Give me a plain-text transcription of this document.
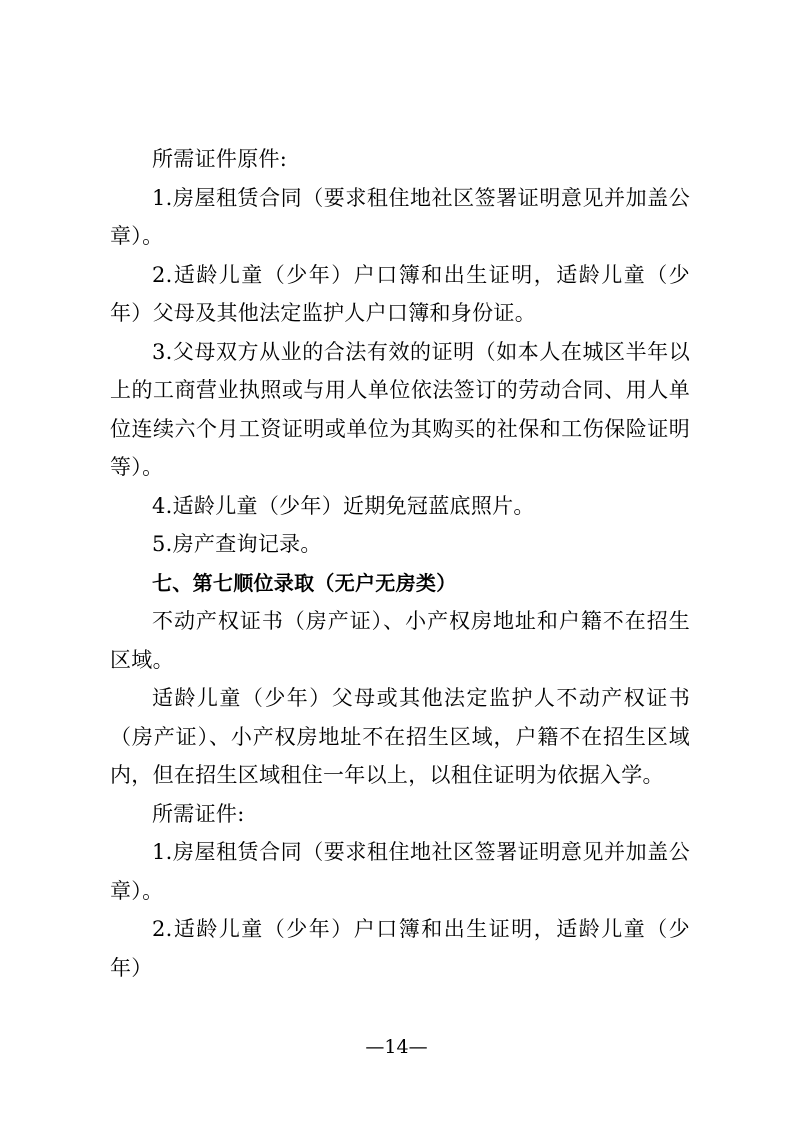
所需证件原件:

1.房屋租赁合同（要求租住地社区签署证明意见并加盖公章）。

2.适龄儿童（少年）户口簿和出生证明，适龄儿童（少年）父母及其他法定监护人户口簿和身份证。

3.父母双方从业的合法有效的证明（如本人在城区半年以上的工商营业执照或与用人单位依法签订的劳动合同、用人单位连续六个月工资证明或单位为其购买的社保和工伤保险证明等）。

4.适龄儿童（少年）近期免冠蓝底照片。

5.房产查询记录。

七、第七顺位录取（无户无房类）

不动产权证书（房产证）、小产权房地址和户籍不在招生区域。

适龄儿童（少年）父母或其他法定监护人不动产权证书（房产证）、小产权房地址不在招生区域，户籍不在招生区域内，但在招生区域租住一年以上，以租住证明为依据入学。

所需证件:

1.房屋租赁合同（要求租住地社区签署证明意见并加盖公章）。

2.适龄儿童（少年）户口簿和出生证明，适龄儿童（少年）

—14—
